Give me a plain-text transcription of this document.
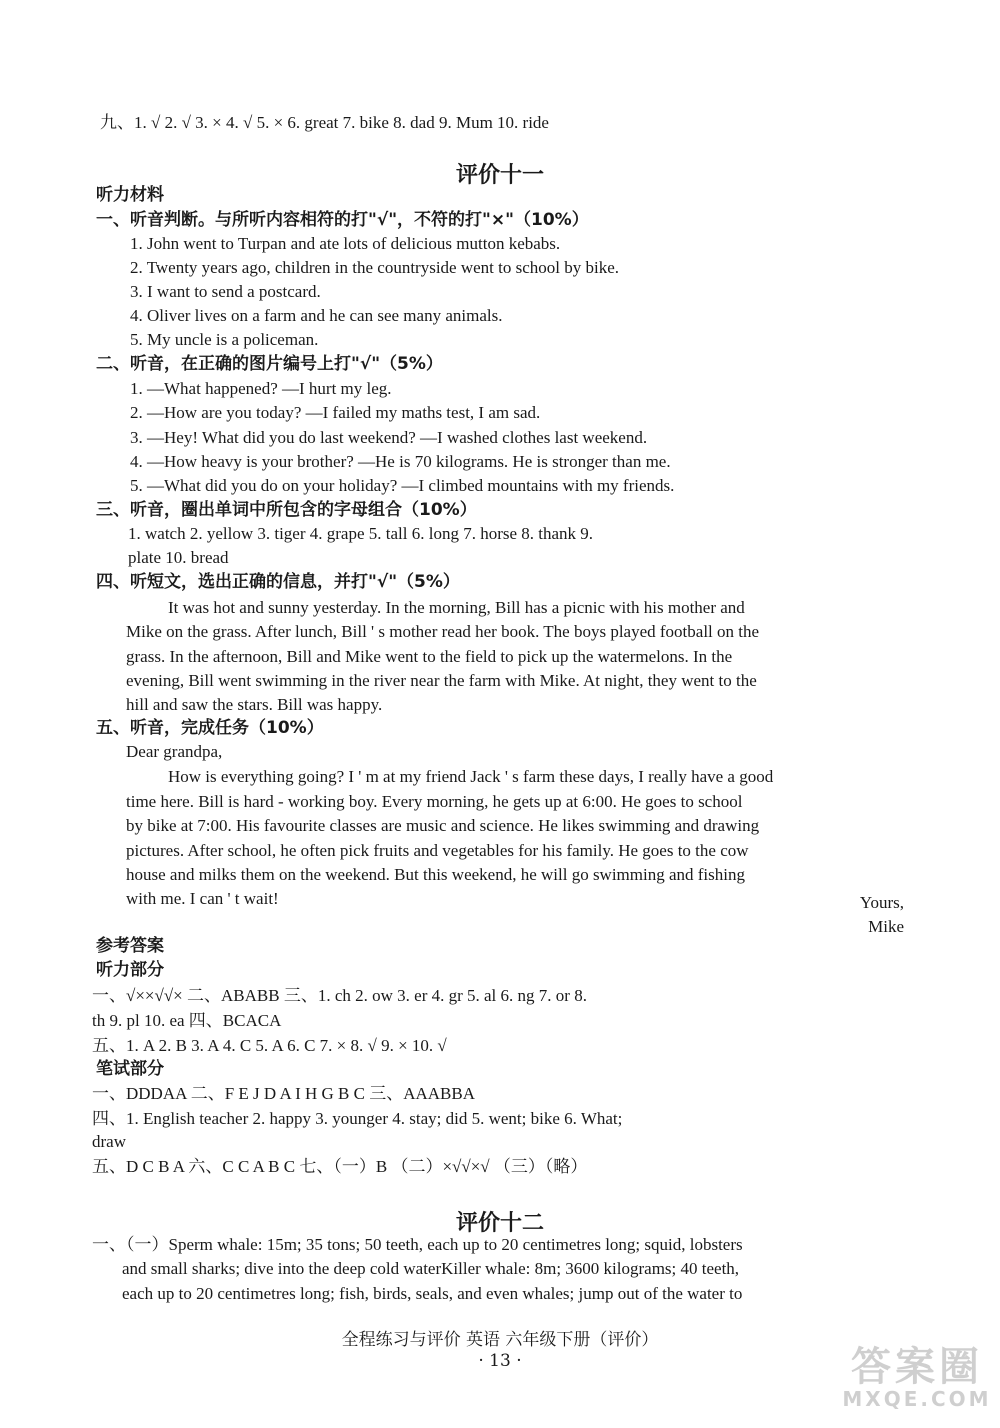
九、1. √ 2. √ 3. × 4. √ 5. × 6. great 7. bike 8. dad 9. Mum 10. ride
评价十一
听力材料
一、听音判断。与所听内容相符的打"√"，不符的打"×"（10%）
1. John went to Turpan and ate lots of delicious mutton kebabs.
2. Twenty years ago, children in the countryside went to school by bike.
3. I want to send a postcard.
4. Oliver lives on a farm and he can see many animals.
5. My uncle is a policeman.
二、听音，在正确的图片编号上打"√"（5%）
1. —What happened? —I hurt my leg.
2. —How are you today? —I failed my maths test, I am sad.
3. —Hey! What did you do last weekend? —I washed clothes last weekend.
4. —How heavy is your brother? —He is 70 kilograms. He is stronger than me.
5. —What did you do on your holiday? —I climbed mountains with my friends.
三、听音，圈出单词中所包含的字母组合（10%）
1. watch 2. yellow 3. tiger 4. grape 5. tall 6. long 7. horse 8. thank 9.
plate 10. bread
四、听短文，选出正确的信息，并打"√"（5%）
It was hot and sunny yesterday. In the morning, Bill has a picnic with his mother and
Mike on the grass. After lunch, Bill ' s mother read her book. The boys played football on the
grass. In the afternoon, Bill and Mike went to the field to pick up the watermelons. In the
evening, Bill went swimming in the river near the farm with Mike. At night, they went to the
hill and saw the stars. Bill was happy.
五、听音，完成任务（10%）
Dear grandpa,
How is everything going? I ' m at my friend Jack ' s farm these days, I really have a good
time here. Bill is hard - working boy. Every morning, he gets up at 6:00. He goes to school
by bike at 7:00. His favourite classes are music and science. He likes swimming and drawing
pictures. After school, he often pick fruits and vegetables for his family. He goes to the cow
house and milks them on the weekend. But this weekend, he will go swimming and fishing
with me. I can ' t wait!	Yours,
Mike
参考答案
听力部分
一、√××√√× 二、ABABB 三、1. ch 2. ow 3. er 4. gr 5. al 6. ng 7. or 8.
th 9. pl 10. ea 四、BCACA
五、1. A 2. B 3. A 4. C 5. A 6. C 7. × 8. √ 9. × 10. √
笔试部分
一、DDDAA 二、F E J D A I H G B C 三、AAABBA
四、1. English teacher 2. happy 3. younger 4. stay; did 5. went; bike 6. What;
draw
五、D C B A 六、C C A B C 七、（一）B （二）×√√×√ （三）（略）
评价十二
一、（一）Sperm whale: 15m; 35 tons; 50 teeth, each up to 20 centimetres long; squid, lobsters
and small sharks; dive into the deep cold waterKiller whale: 8m; 3600 kilograms; 40 teeth,
each up to 20 centimetres long; fish, birds, seals, and even whales; jump out of the water to
全程练习与评价 英语 六年级下册（评价）
· 13 ·	答案圈
MXQE.COM
